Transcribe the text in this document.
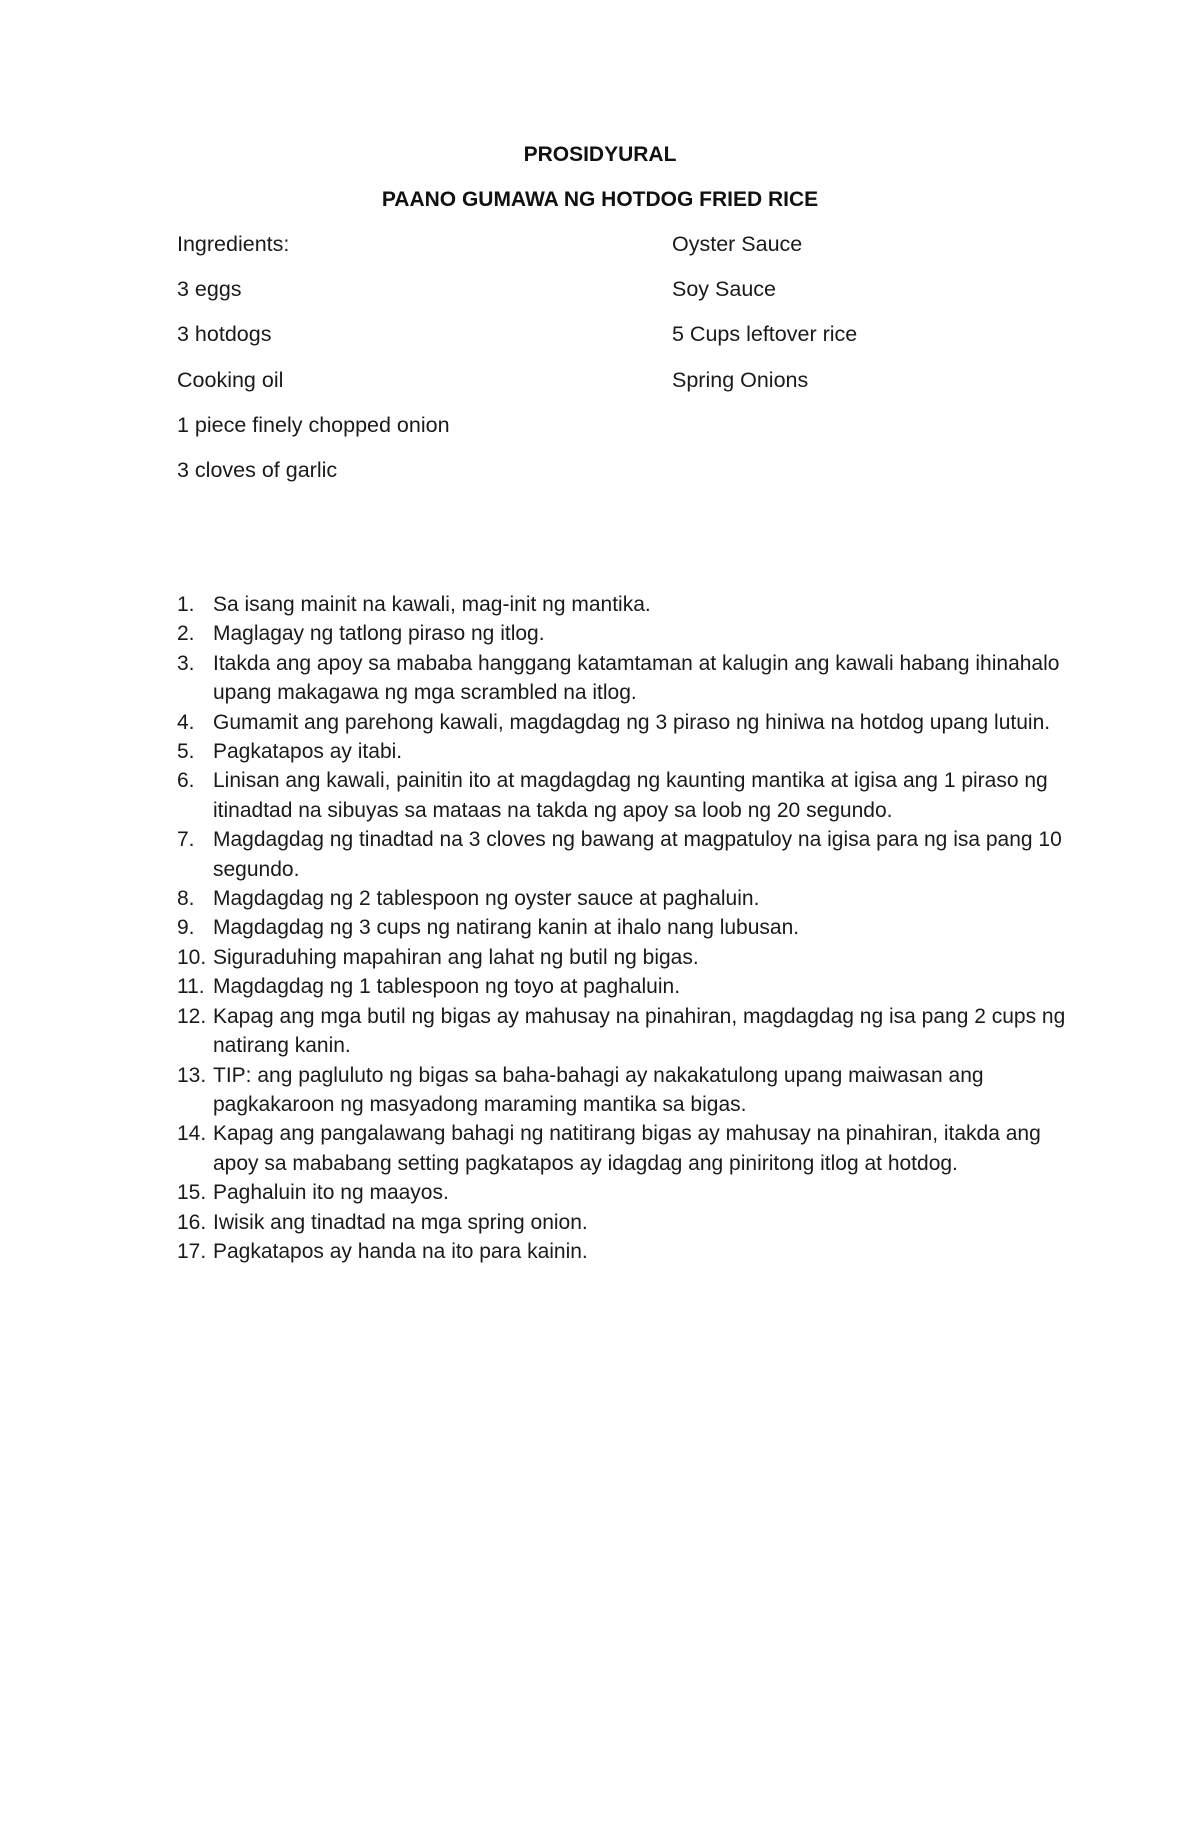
PROSIDYURAL
PAANO GUMAWA NG HOTDOG FRIED RICE
Ingredients:
3 eggs
3 hotdogs
Cooking oil
1 piece finely chopped onion
3 cloves of garlic
Oyster Sauce
Soy Sauce
5 Cups leftover rice
Spring Onions
1. Sa isang mainit na kawali, mag-init ng mantika.
2. Maglagay ng tatlong piraso ng itlog.
3. Itakda ang apoy sa mababa hanggang katamtaman at kalugin ang kawali habang ihinahalo upang makagawa ng mga scrambled na itlog.
4. Gumamit ang parehong kawali, magdagdag ng 3 piraso ng hiniwa na hotdog upang lutuin.
5. Pagkatapos ay itabi.
6. Linisan ang kawali, painitin ito at magdagdag ng kaunting mantika at igisa ang 1 piraso ng itinadtad na sibuyas sa mataas na takda ng apoy sa loob ng 20 segundo.
7. Magdagdag ng tinadtad na 3 cloves ng bawang at magpatuloy na igisa para ng isa pang 10 segundo.
8. Magdagdag ng 2 tablespoon ng oyster sauce at paghaluin.
9. Magdagdag ng 3 cups ng natirang kanin at ihalo nang lubusan.
10. Siguraduhing mapahiran ang lahat ng butil ng bigas.
11. Magdagdag ng 1 tablespoon ng toyo at paghaluin.
12. Kapag ang mga butil ng bigas ay mahusay na pinahiran, magdagdag ng isa pang 2 cups ng natirang kanin.
13. TIP: ang pagluluto ng bigas sa baha-bahagi ay nakakatulong upang maiwasan ang pagkakaroon ng masyadong maraming mantika sa bigas.
14. Kapag ang pangalawang bahagi ng natitirang bigas ay mahusay na pinahiran, itakda ang apoy sa mababang setting pagkatapos ay idagdag ang piniritong itlog at hotdog.
15. Paghaluin ito ng maayos.
16. Iwisik ang tinadtad na mga spring onion.
17. Pagkatapos ay handa na ito para kainin.
